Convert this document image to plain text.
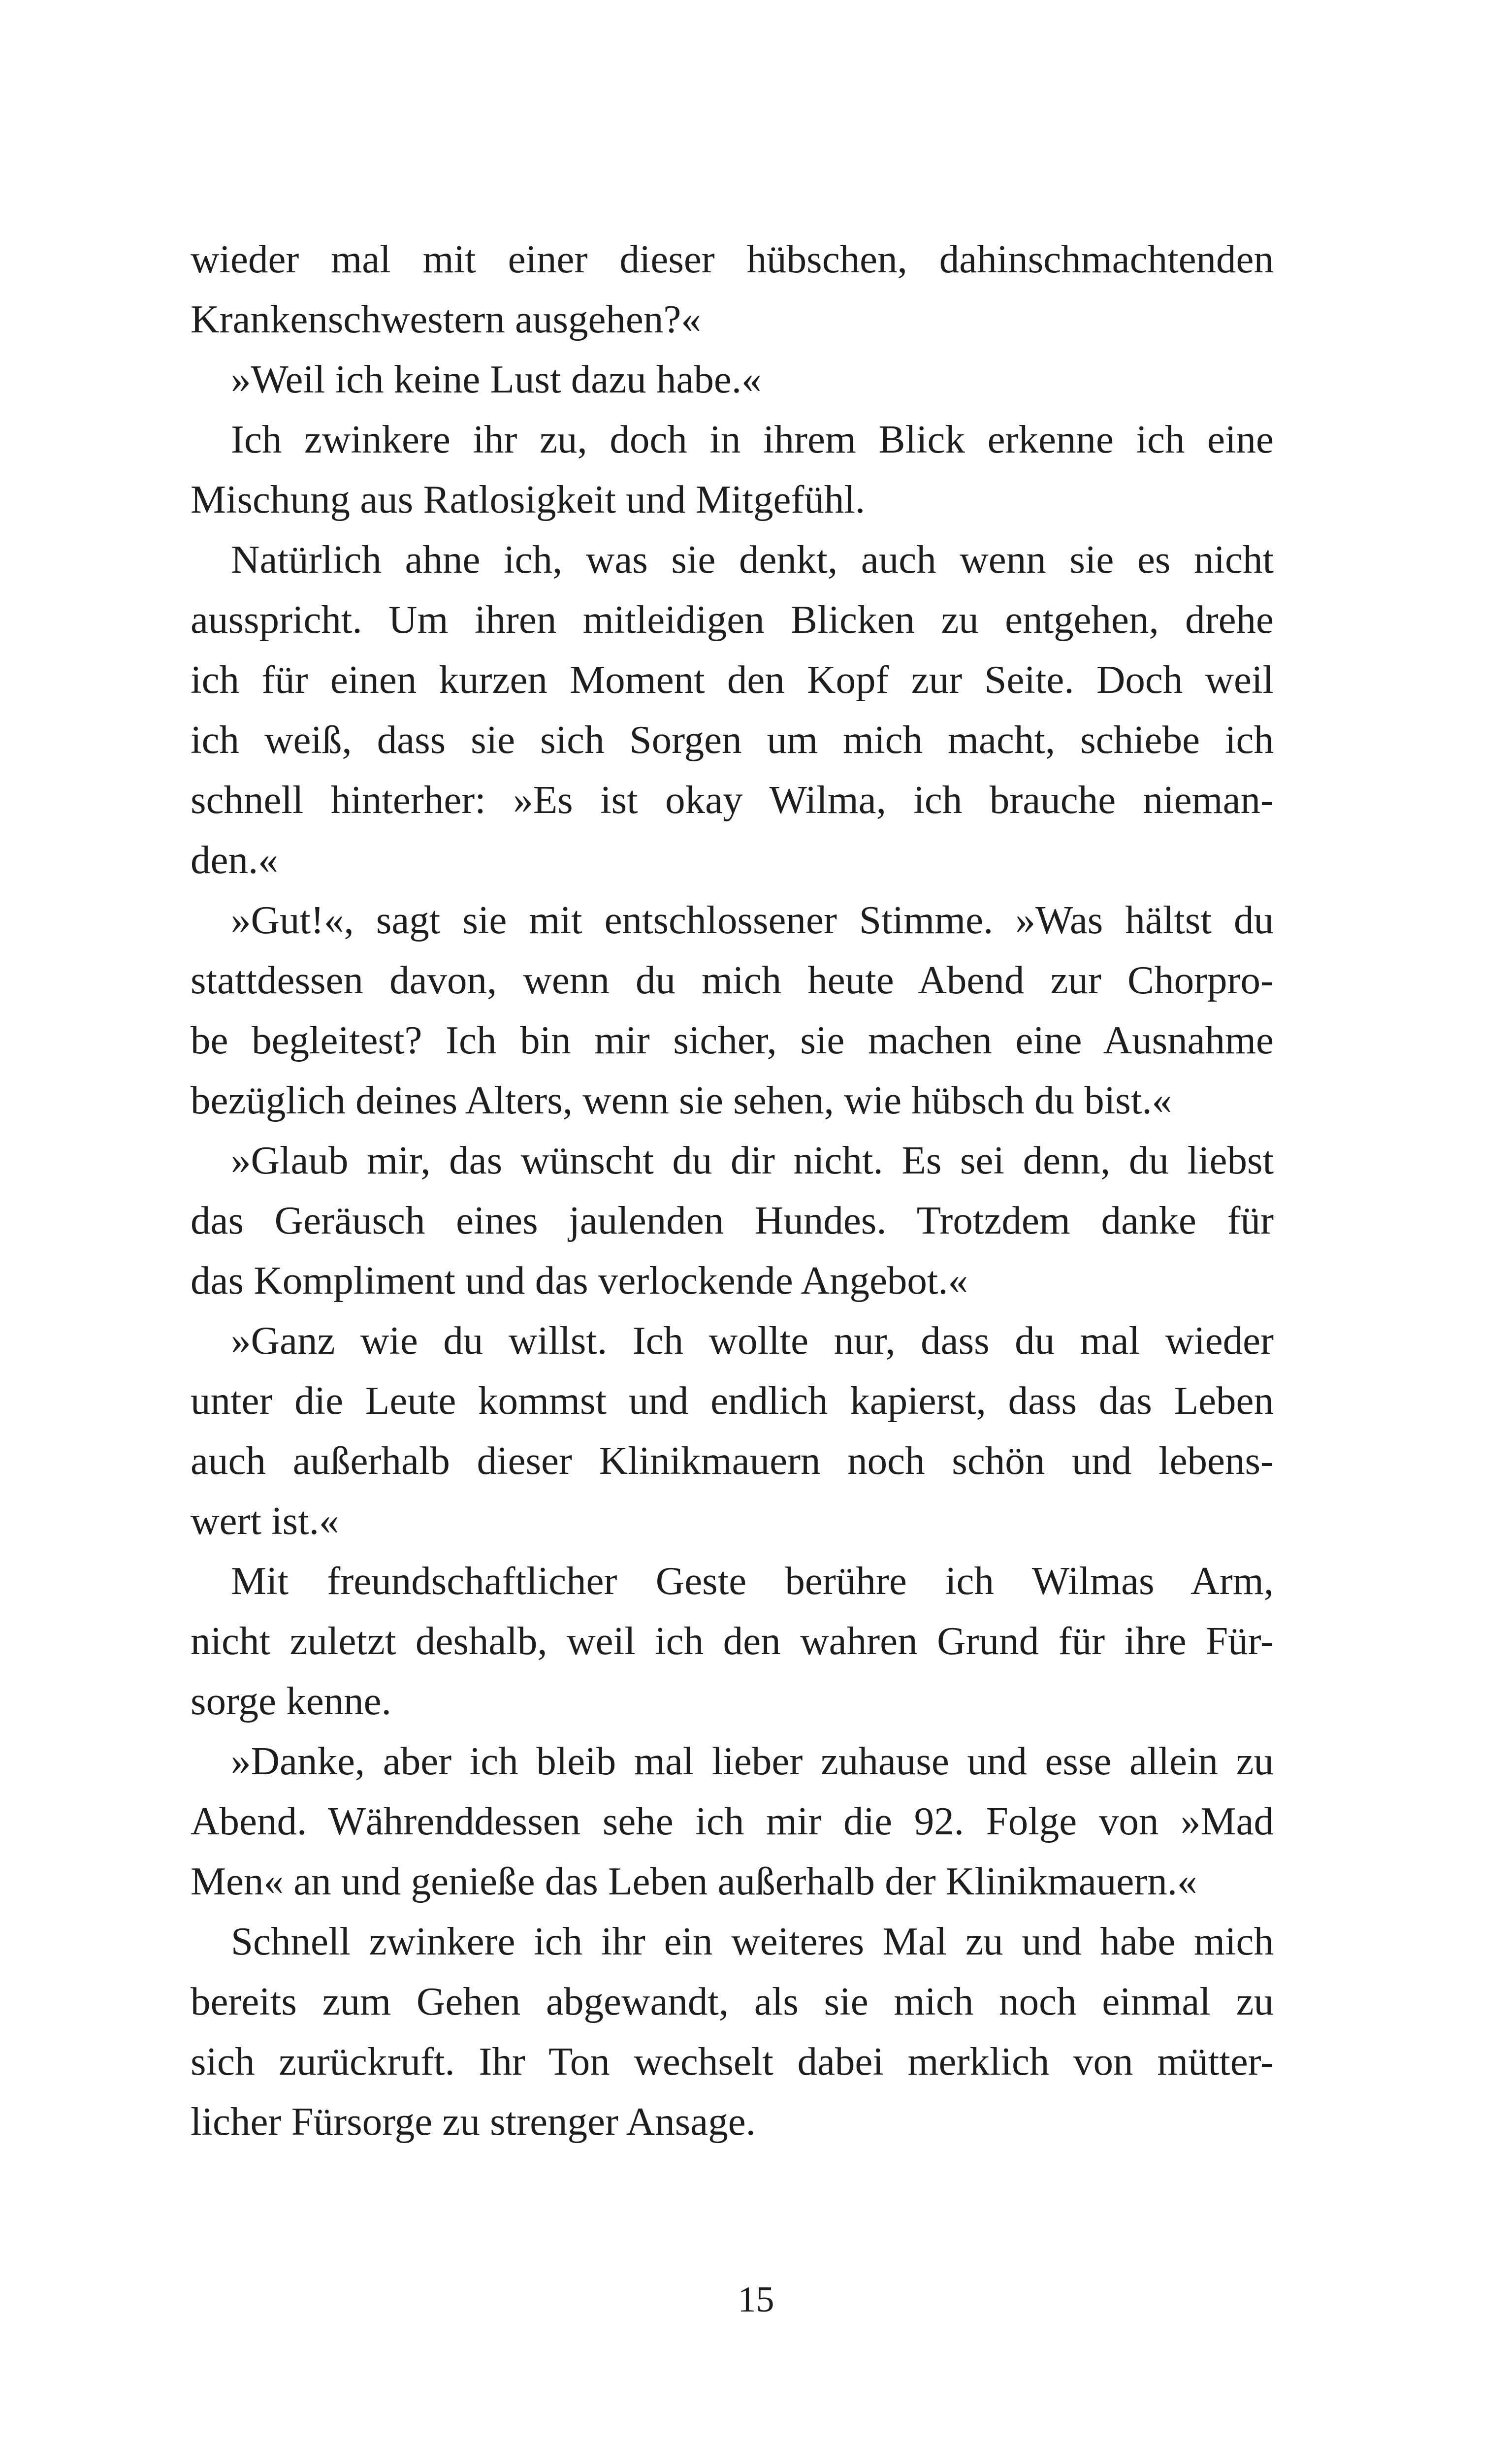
wieder mal mit einer dieser hübschen, dahinschmachtenden
Krankenschwestern ausgehen?«
»Weil ich keine Lust dazu habe.«
Ich zwinkere ihr zu, doch in ihrem Blick erkenne ich eine
Mischung aus Ratlosigkeit und Mitgefühl.
Natürlich ahne ich, was sie denkt, auch wenn sie es nicht
ausspricht. Um ihren mitleidigen Blicken zu entgehen, drehe
ich für einen kurzen Moment den Kopf zur Seite. Doch weil
ich weiß, dass sie sich Sorgen um mich macht, schiebe ich
schnell hinterher: »Es ist okay Wilma, ich brauche nieman-
den.«
»Gut!«, sagt sie mit entschlossener Stimme. »Was hältst du
stattdessen davon, wenn du mich heute Abend zur Chorpro-
be begleitest? Ich bin mir sicher, sie machen eine Ausnahme
bezüglich deines Alters, wenn sie sehen, wie hübsch du bist.«
»Glaub mir, das wünscht du dir nicht. Es sei denn, du liebst
das Geräusch eines jaulenden Hundes. Trotzdem danke für
das Kompliment und das verlockende Angebot.«
»Ganz wie du willst. Ich wollte nur, dass du mal wieder
unter die Leute kommst und endlich kapierst, dass das Leben
auch außerhalb dieser Klinikmauern noch schön und lebens-
wert ist.«
Mit freundschaftlicher Geste berühre ich Wilmas Arm,
nicht zuletzt deshalb, weil ich den wahren Grund für ihre Für-
sorge kenne.
»Danke, aber ich bleib mal lieber zuhause und esse allein zu
Abend. Währenddessen sehe ich mir die 92. Folge von »Mad
Men« an und genieße das Leben außerhalb der Klinikmauern.«
Schnell zwinkere ich ihr ein weiteres Mal zu und habe mich
bereits zum Gehen abgewandt, als sie mich noch einmal zu
sich zurückruft. Ihr Ton wechselt dabei merklich von mütter-
licher Fürsorge zu strenger Ansage.
15
